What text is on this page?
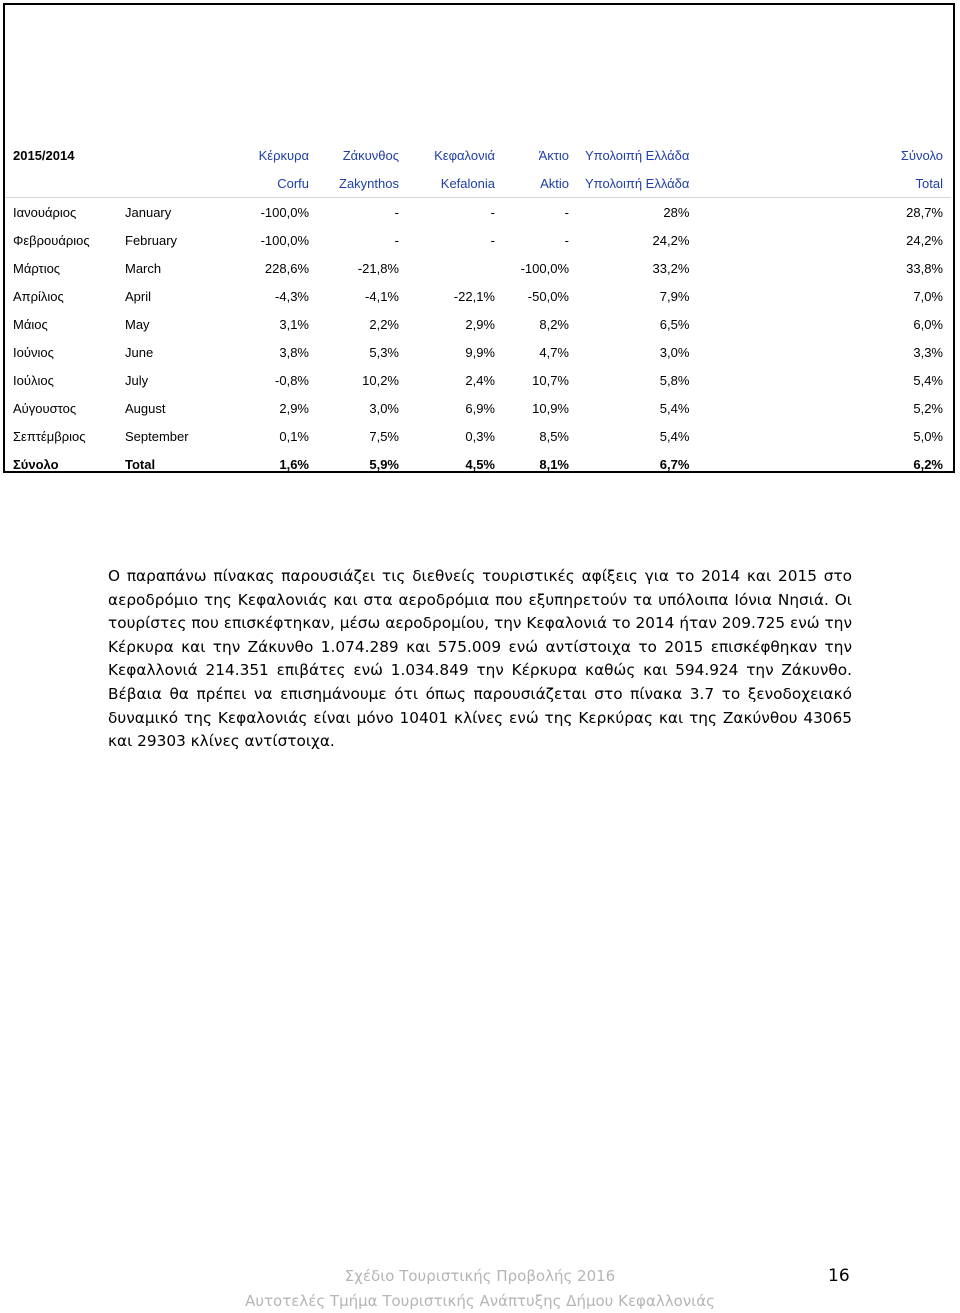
2015/2014		Κέρκυρα	Ζάκυνθος	Κεφαλονιά	Άκτιο	Υπολοιπή Ελλάδα	Σύνολο
		Corfu	Zakynthos	Kefalonia	Aktio	Υπολοιπή Ελλάδα	Total
Ιανουάριος	January	-100,0%	-	-	-	28%	28,7%
Φεβρουάριος	February	-100,0%	-	-	-	24,2%	24,2%
Μάρτιος	March	228,6%	-21,8%		-100,0%	33,2%	33,8%
Απρίλιος	April	-4,3%	-4,1%	-22,1%	-50,0%	7,9%	7,0%
Μάιος	May	3,1%	2,2%	2,9%	8,2%	6,5%	6,0%
Ιούνιος	June	3,8%	5,3%	9,9%	4,7%	3,0%	3,3%
Ιούλιος	July	-0,8%	10,2%	2,4%	10,7%	5,8%	5,4%
Αύγουστος	August	2,9%	3,0%	6,9%	10,9%	5,4%	5,2%
Σεπτέμβριος	September	0,1%	7,5%	0,3%	8,5%	5,4%	5,0%
Σύνολο	Total	1,6%	5,9%	4,5%	8,1%	6,7%	6,2%

Ο παραπάνω πίνακας παρουσιάζει τις διεθνείς τουριστικές αφίξεις για το 2014 και 2015 στο αεροδρόμιο της Κεφαλονιάς και στα αεροδρόμια που εξυπηρετούν τα υπόλοιπα Ιόνια Νησιά. Οι τουρίστες που επισκέφτηκαν, μέσω αεροδρομίου, την Κεφαλονιά το 2014 ήταν 209.725 ενώ την Κέρκυρα και την Ζάκυνθο 1.074.289 και 575.009 ενώ αντίστοιχα το 2015 επισκέφθηκαν την Κεφαλλονιά 214.351 επιβάτες ενώ 1.034.849 την Κέρκυρα καθώς και 594.924 την Ζάκυνθο. Βέβαια θα πρέπει να επισημάνουμε ότι όπως παρουσιάζεται στο πίνακα 3.7 το ξενοδοχειακό δυναμικό της Κεφαλονιάς είναι μόνο 10401 κλίνες ενώ της Κερκύρας και της Ζακύνθου 43065 και 29303 κλίνες αντίστοιχα.

Σχέδιο Τουριστικής Προβολής 2016
Αυτοτελές Τμήμα Τουριστικής Ανάπτυξης Δήμου Κεφαλλονιάς
16
